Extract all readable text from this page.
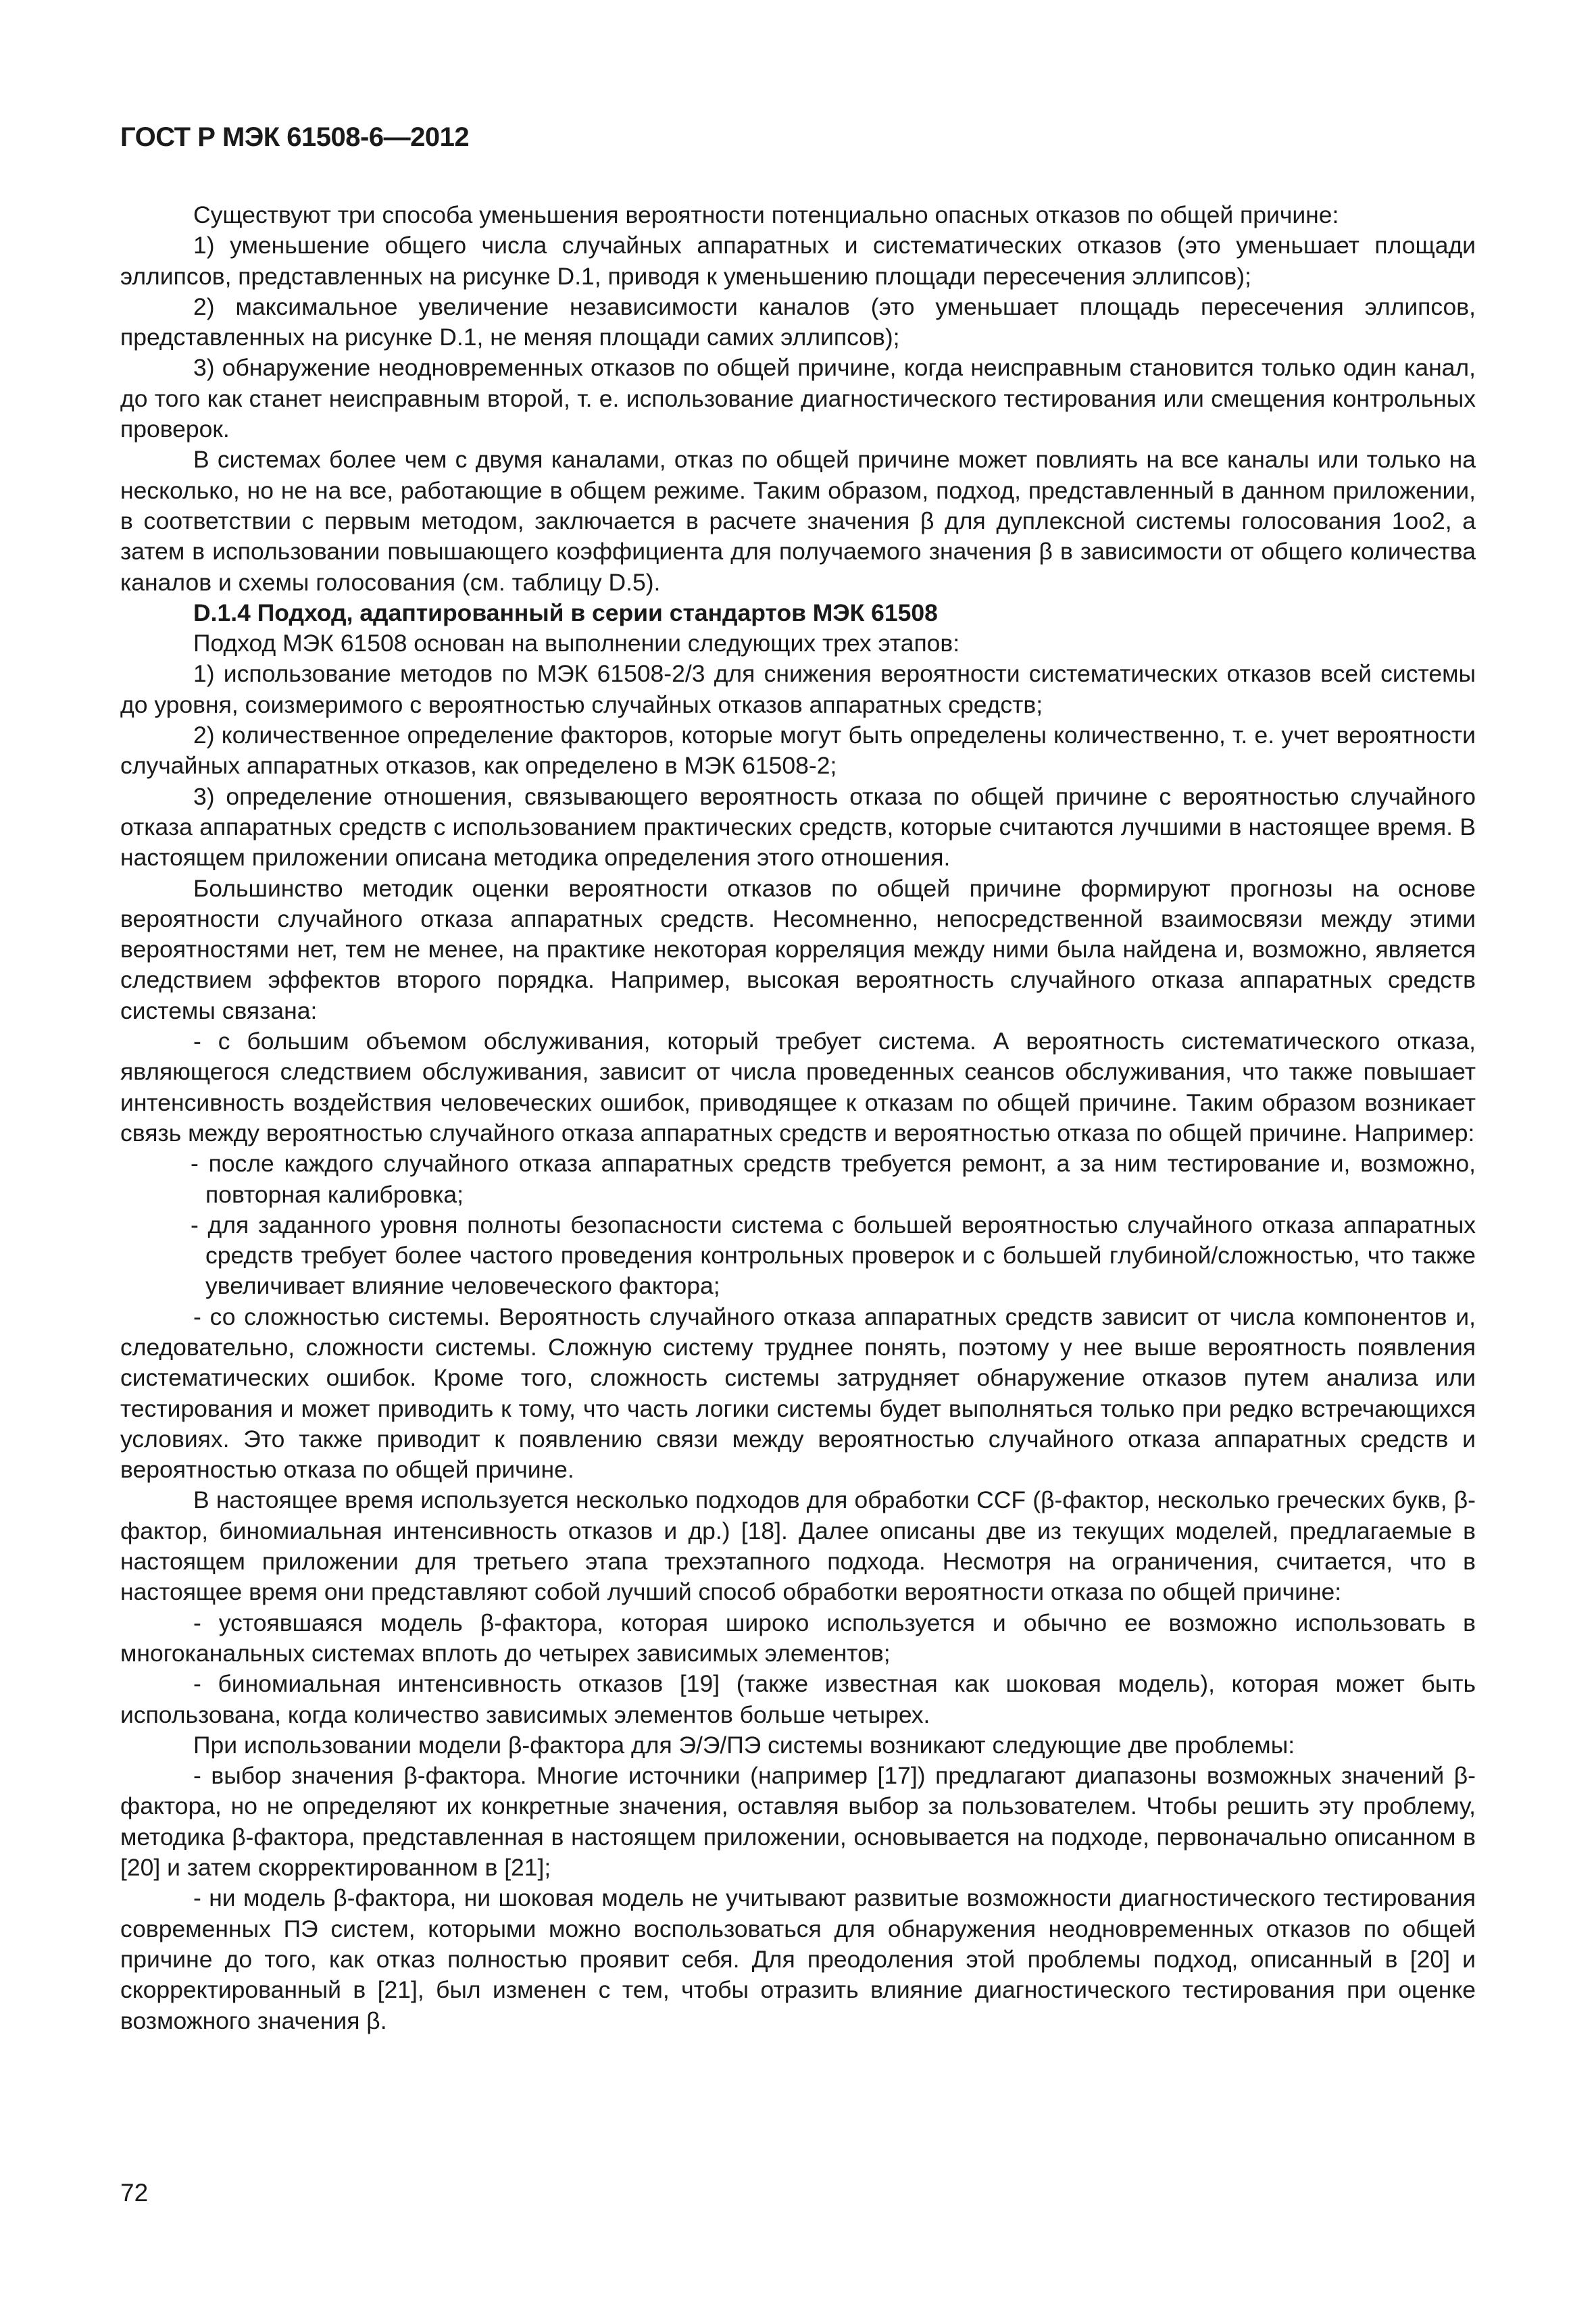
ГОСТ Р МЭК 61508-6—2012

Существуют три способа уменьшения вероятности потенциально опасных отказов по общей причине:

1) уменьшение общего числа случайных аппаратных и систематических отказов (это уменьшает площади эллипсов, представленных на рисунке D.1, приводя к уменьшению площади пересечения эллипсов);

2) максимальное увеличение независимости каналов (это уменьшает площадь пересечения эллипсов, представленных на рисунке D.1, не меняя площади самих эллипсов);

3) обнаружение неодновременных отказов по общей причине, когда неисправным становится только один канал, до того как станет неисправным второй, т. е. использование диагностического тестирования или смещения контрольных проверок.

В системах более чем с двумя каналами, отказ по общей причине может повлиять на все каналы или только на несколько, но не на все, работающие в общем режиме. Таким образом, подход, представленный в данном приложении, в соответствии с первым методом, заключается в расчете значения β для дуплексной системы голосования 1oo2, а затем в использовании повышающего коэффициента для получаемого значения β в зависимости от общего количества каналов и схемы голосования (см. таблицу D.5).

D.1.4 Подход, адаптированный в серии стандартов МЭК 61508

Подход МЭК 61508 основан на выполнении следующих трех этапов:

1) использование методов по МЭК 61508-2/3 для снижения вероятности систематических отказов всей системы до уровня, соизмеримого с вероятностью случайных отказов аппаратных средств;

2) количественное определение факторов, которые могут быть определены количественно, т. е. учет вероятности случайных аппаратных отказов, как определено в МЭК 61508-2;

3) определение отношения, связывающего вероятность отказа по общей причине с вероятностью случайного отказа аппаратных средств с использованием практических средств, которые считаются лучшими в настоящее время. В настоящем приложении описана методика определения этого отношения.

Большинство методик оценки вероятности отказов по общей причине формируют прогнозы на основе вероятности случайного отказа аппаратных средств. Несомненно, непосредственной взаимосвязи между этими вероятностями нет, тем не менее, на практике некоторая корреляция между ними была найдена и, возможно, является следствием эффектов второго порядка. Например, высокая вероятность случайного отказа аппаратных средств системы связана:

- с большим объемом обслуживания, который требует система. А вероятность систематического отказа, являющегося следствием обслуживания, зависит от числа проведенных сеансов обслуживания, что также повышает интенсивность воздействия человеческих ошибок, приводящее к отказам по общей причине. Таким образом возникает связь между вероятностью случайного отказа аппаратных средств и вероятностью отказа по общей причине. Например:

- после каждого случайного отказа аппаратных средств требуется ремонт, а за ним тестирование и, возможно, повторная калибровка;

- для заданного уровня полноты безопасности система с большей вероятностью случайного отказа аппаратных средств требует более частого проведения контрольных проверок и с большей глубиной/сложностью, что также увеличивает влияние человеческого фактора;

- со сложностью системы. Вероятность случайного отказа аппаратных средств зависит от числа компонентов и, следовательно, сложности системы. Сложную систему труднее понять, поэтому у нее выше вероятность появления систематических ошибок. Кроме того, сложность системы затрудняет обнаружение отказов путем анализа или тестирования и может приводить к тому, что часть логики системы будет выполняться только при редко встречающихся условиях. Это также приводит к появлению связи между вероятностью случайного отказа аппаратных средств и вероятностью отказа по общей причине.

В настоящее время используется несколько подходов для обработки CCF (β-фактор, несколько греческих букв, β-фактор, биномиальная интенсивность отказов и др.) [18]. Далее описаны две из текущих моделей, предлагаемые в настоящем приложении для третьего этапа трехэтапного подхода. Несмотря на ограничения, считается, что в настоящее время они представляют собой лучший способ обработки вероятности отказа по общей причине:

- устоявшаяся модель β-фактора, которая широко используется и обычно ее возможно использовать в многоканальных системах вплоть до четырех зависимых элементов;

- биномиальная интенсивность отказов [19] (также известная как шоковая модель), которая может быть использована, когда количество зависимых элементов больше четырех.

При использовании модели β-фактора для Э/Э/ПЭ системы возникают следующие две проблемы:

- выбор значения β-фактора. Многие источники (например [17]) предлагают диапазоны возможных значений β-фактора, но не определяют их конкретные значения, оставляя выбор за пользователем. Чтобы решить эту проблему, методика β-фактора, представленная в настоящем приложении, основывается на подходе, первоначально описанном в [20] и затем скорректированном в [21];

- ни модель β-фактора, ни шоковая модель не учитывают развитые возможности диагностического тестирования современных ПЭ систем, которыми можно воспользоваться для обнаружения неодновременных отказов по общей причине до того, как отказ полностью проявит себя. Для преодоления этой проблемы подход, описанный в [20] и скорректированный в [21], был изменен с тем, чтобы отразить влияние диагностического тестирования при оценке возможного значения β.

72
